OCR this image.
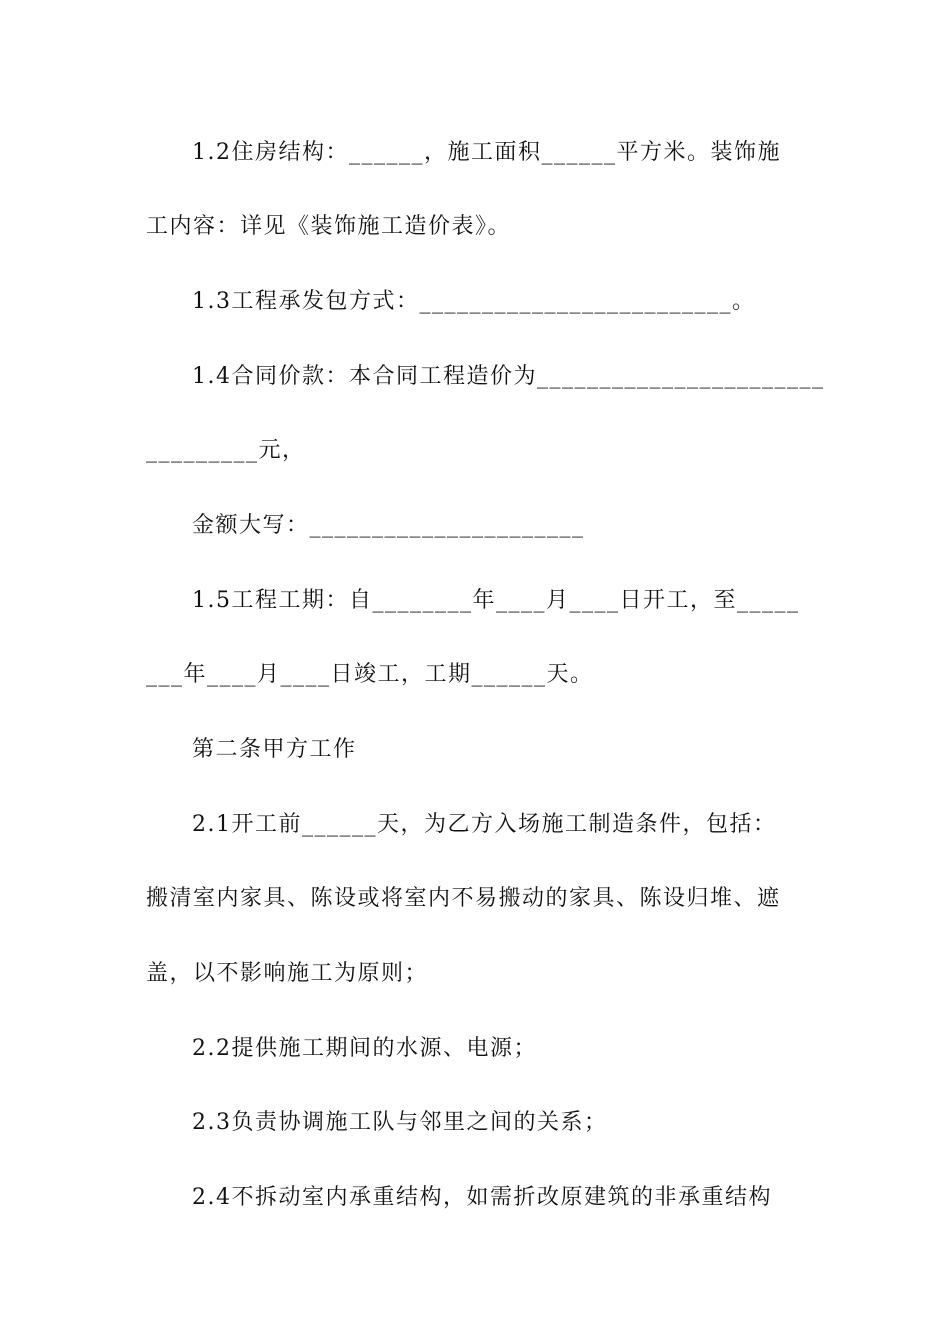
1.2住房结构：______，施工面积______平方米。装饰施
工内容：详见《装饰施工造价表》。
1.3工程承发包方式：_________________________。
1.4合同价款：本合同工程造价为_______________________
_________元，
金额大写：______________________
1.5工程工期：自________年____月____日开工，至_____
___年____月____日竣工，工期______天。
第二条甲方工作
2.1开工前______天，为乙方入场施工制造条件，包括：
搬清室内家具、陈设或将室内不易搬动的家具、陈设归堆、遮
盖，以不影响施工为原则；
2.2提供施工期间的水源、电源；
2.3负责协调施工队与邻里之间的关系；
2.4不拆动室内承重结构，如需折改原建筑的非承重结构
